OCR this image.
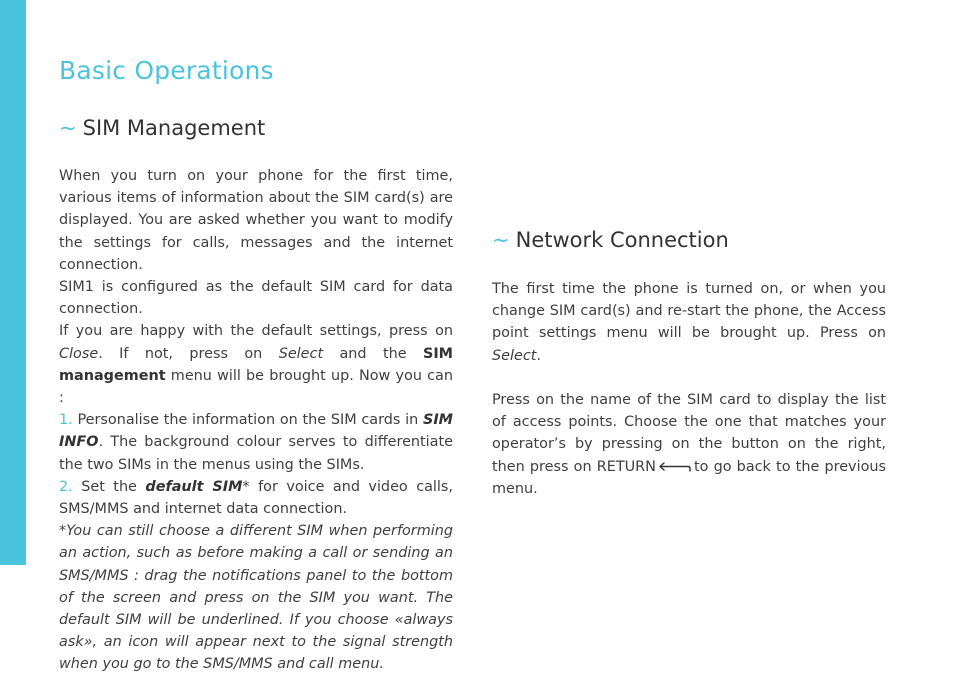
Basic Operations
~ SIM Management

When you turn on your phone for the first time, various items of information about the SIM card(s) are displayed. You are asked whether you want to modify the settings for calls, messages and the internet connection.

SIM1 is configured as the default SIM card for data connection.

If you are happy with the default settings, press on Close. If not, press on Select and the SIM management menu will be brought up. Now you can :

1. Personalise the information on the SIM cards in SIM INFO. The background colour serves to differentiate the two SIMs in the menus using the SIMs.

2. Set the default SIM* for voice and video calls, SMS/MMS and internet data connection.

*You can still choose a different SIM when performing an action, such as before making a call or sending an SMS/MMS : drag the notifications panel to the bottom of the screen and press on the SIM you want. The default SIM will be underlined. If you choose «always ask», an icon will appear next to the signal strength when you go to the SMS/MMS and call menu.

~ Network Connection

The first time the phone is turned on, or when you change SIM card(s) and re-start the phone, the Access point settings menu will be brought up. Press on Select.

Press on the name of the SIM card to display the list of access points. Choose the one that matches your operator’s by pressing on the button on the right, then press on RETURN	to go back to the previous menu.
